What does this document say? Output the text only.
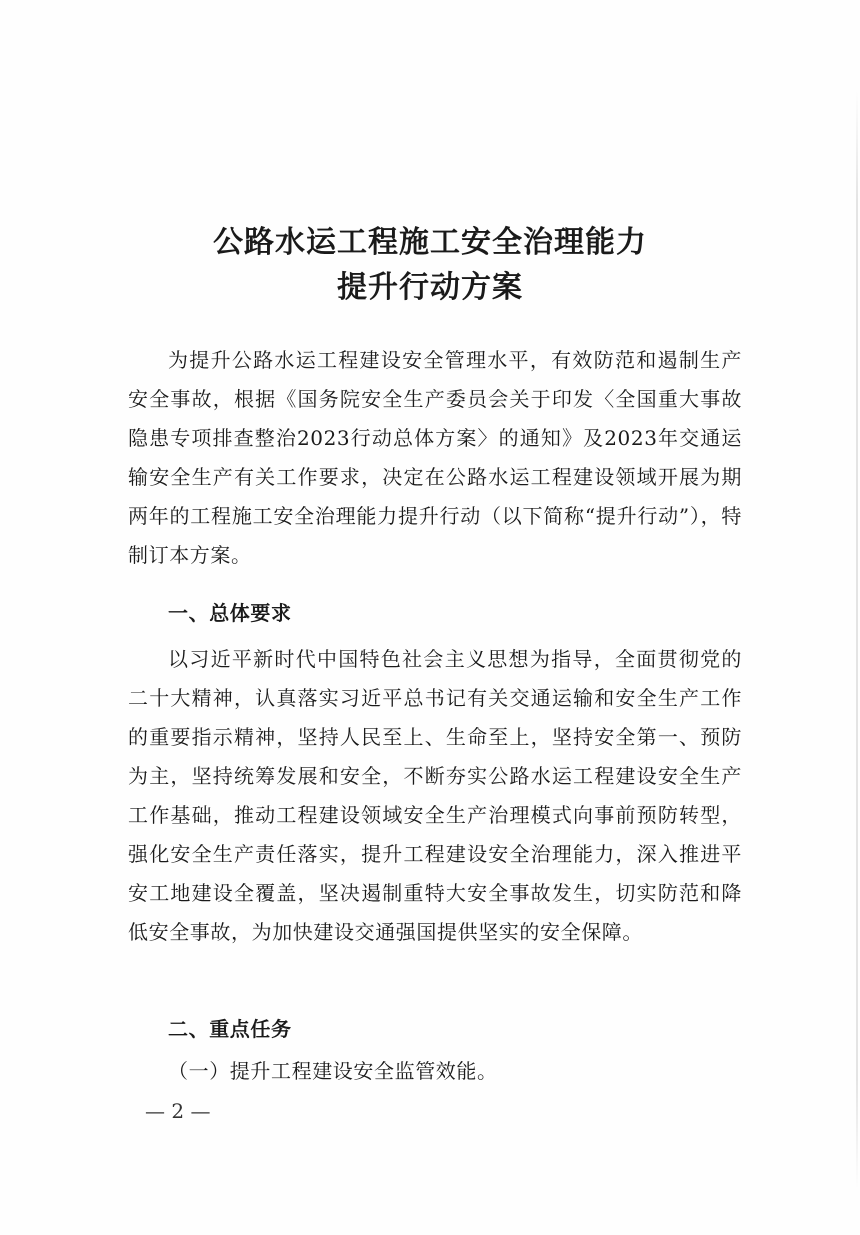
公路水运工程施工安全治理能力
提升行动方案

为提升公路水运工程建设安全管理水平，有效防范和遏制生产安全事故，根据《国务院安全生产委员会关于印发〈全国重大事故隐患专项排查整治2023行动总体方案〉的通知》及2023年交通运输安全生产有关工作要求，决定在公路水运工程建设领域开展为期两年的工程施工安全治理能力提升行动（以下简称“提升行动”），特制订本方案。

一、总体要求

以习近平新时代中国特色社会主义思想为指导，全面贯彻党的二十大精神，认真落实习近平总书记有关交通运输和安全生产工作的重要指示精神，坚持人民至上、生命至上，坚持安全第一、预防为主，坚持统筹发展和安全，不断夯实公路水运工程建设安全生产工作基础，推动工程建设领域安全生产治理模式向事前预防转型，强化安全生产责任落实，提升工程建设安全治理能力，深入推进平安工地建设全覆盖，坚决遏制重特大安全事故发生，切实防范和降低安全事故，为加快建设交通强国提供坚实的安全保障。

二、重点任务

（一）提升工程建设安全监管效能。

— 2 —
